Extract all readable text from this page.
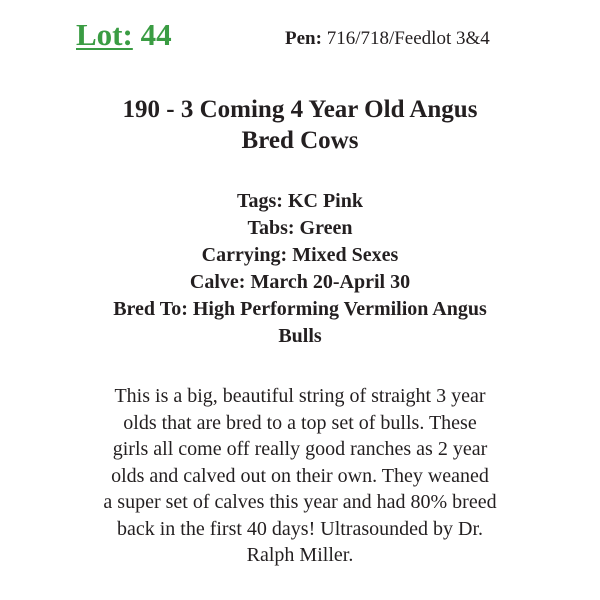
Lot: 44	Pen: 716/718/Feedlot 3&4
190 - 3 Coming 4 Year Old Angus
Bred Cows
Tags: KC Pink
Tabs: Green
Carrying: Mixed Sexes
Calve: March 20-April 30
Bred To: High Performing Vermilion Angus
Bulls
This is a big, beautiful string of straight 3 year
olds that are bred to a top set of bulls. These
girls all come off really good ranches as 2 year
olds and calved out on their own. They weaned
a super set of calves this year and had 80% breed
back in the first 40 days! Ultrasounded by Dr.
Ralph Miller.
